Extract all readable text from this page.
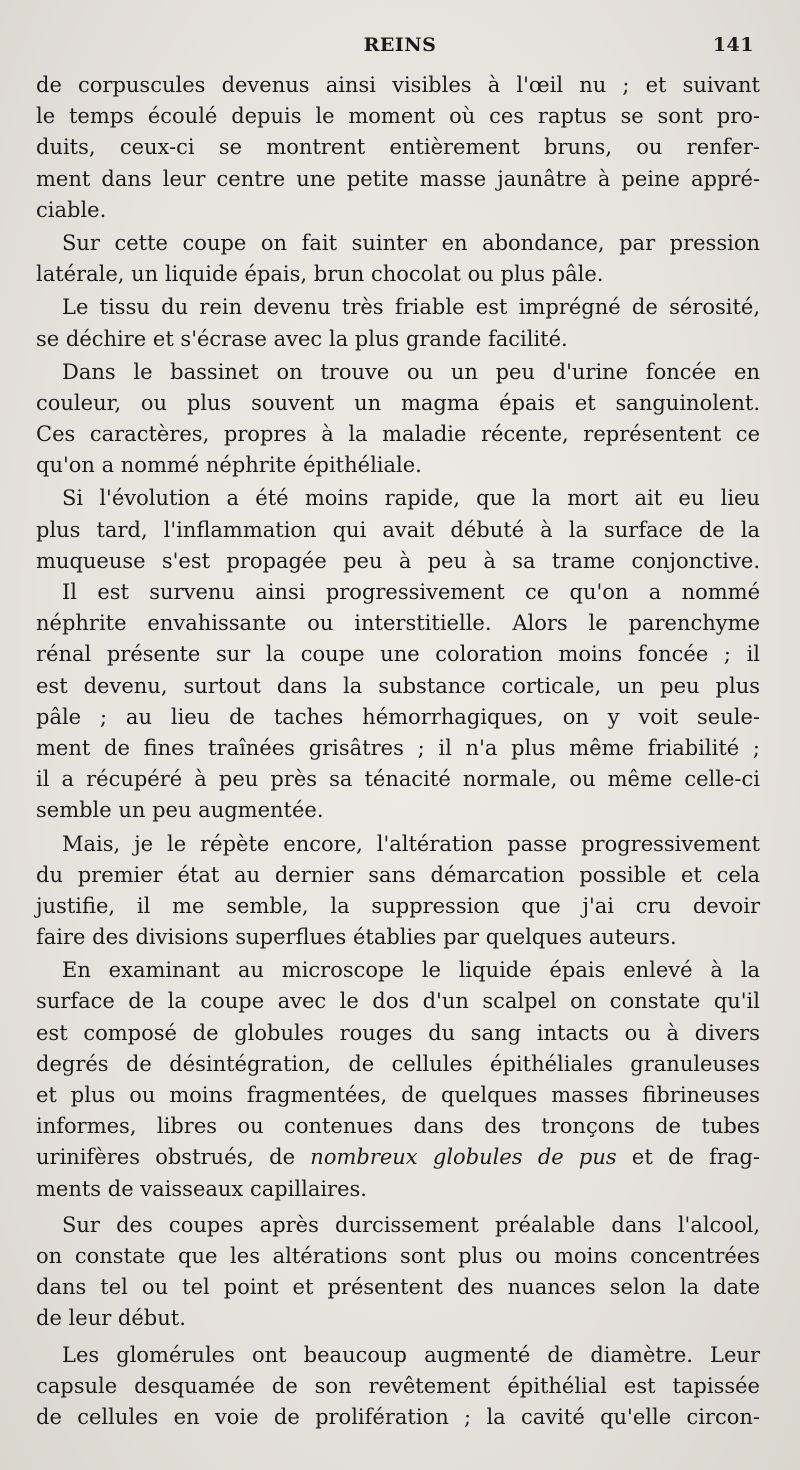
REINS	141
de corpuscules devenus ainsi visibles à l'œil nu ; et suivant
le temps écoulé depuis le moment où ces raptus se sont pro-
duits, ceux-ci se montrent entièrement bruns, ou renfer-
ment dans leur centre une petite masse jaunâtre à peine appré-
ciable.
Sur cette coupe on fait suinter en abondance, par pression
latérale, un liquide épais, brun chocolat ou plus pâle.
Le tissu du rein devenu très friable est imprégné de sérosité,
se déchire et s'écrase avec la plus grande facilité.
Dans le bassinet on trouve ou un peu d'urine foncée en
couleur, ou plus souvent un magma épais et sanguinolent.
Ces caractères, propres à la maladie récente, représentent ce
qu'on a nommé néphrite épithéliale.
Si l'évolution a été moins rapide, que la mort ait eu lieu
plus tard, l'inflammation qui avait débuté à la surface de la
muqueuse s'est propagée peu à peu à sa trame conjonctive.
Il est survenu ainsi progressivement ce qu'on a nommé
néphrite envahissante ou interstitielle. Alors le parenchyme
rénal présente sur la coupe une coloration moins foncée ; il
est devenu, surtout dans la substance corticale, un peu plus
pâle ; au lieu de taches hémorrhagiques, on y voit seule-
ment de fines traînées grisâtres ; il n'a plus même friabilité ;
il a récupéré à peu près sa ténacité normale, ou même celle-ci
semble un peu augmentée.
Mais, je le répète encore, l'altération passe progressivement
du premier état au dernier sans démarcation possible et cela
justifie, il me semble, la suppression que j'ai cru devoir
faire des divisions superflues établies par quelques auteurs.
En examinant au microscope le liquide épais enlevé à la
surface de la coupe avec le dos d'un scalpel on constate qu'il
est composé de globules rouges du sang intacts ou à divers
degrés de désintégration, de cellules épithéliales granuleuses
et plus ou moins fragmentées, de quelques masses fibrineuses
informes, libres ou contenues dans des tronçons de tubes
urinifères obstrués, de nombreux globules de pus et de frag-
ments de vaisseaux capillaires.
Sur des coupes après durcissement préalable dans l'alcool,
on constate que les altérations sont plus ou moins concentrées
dans tel ou tel point et présentent des nuances selon la date
de leur début.
Les glomérules ont beaucoup augmenté de diamètre. Leur
capsule desquamée de son revêtement épithélial est tapissée
de cellules en voie de prolifération ; la cavité qu'elle circon-
